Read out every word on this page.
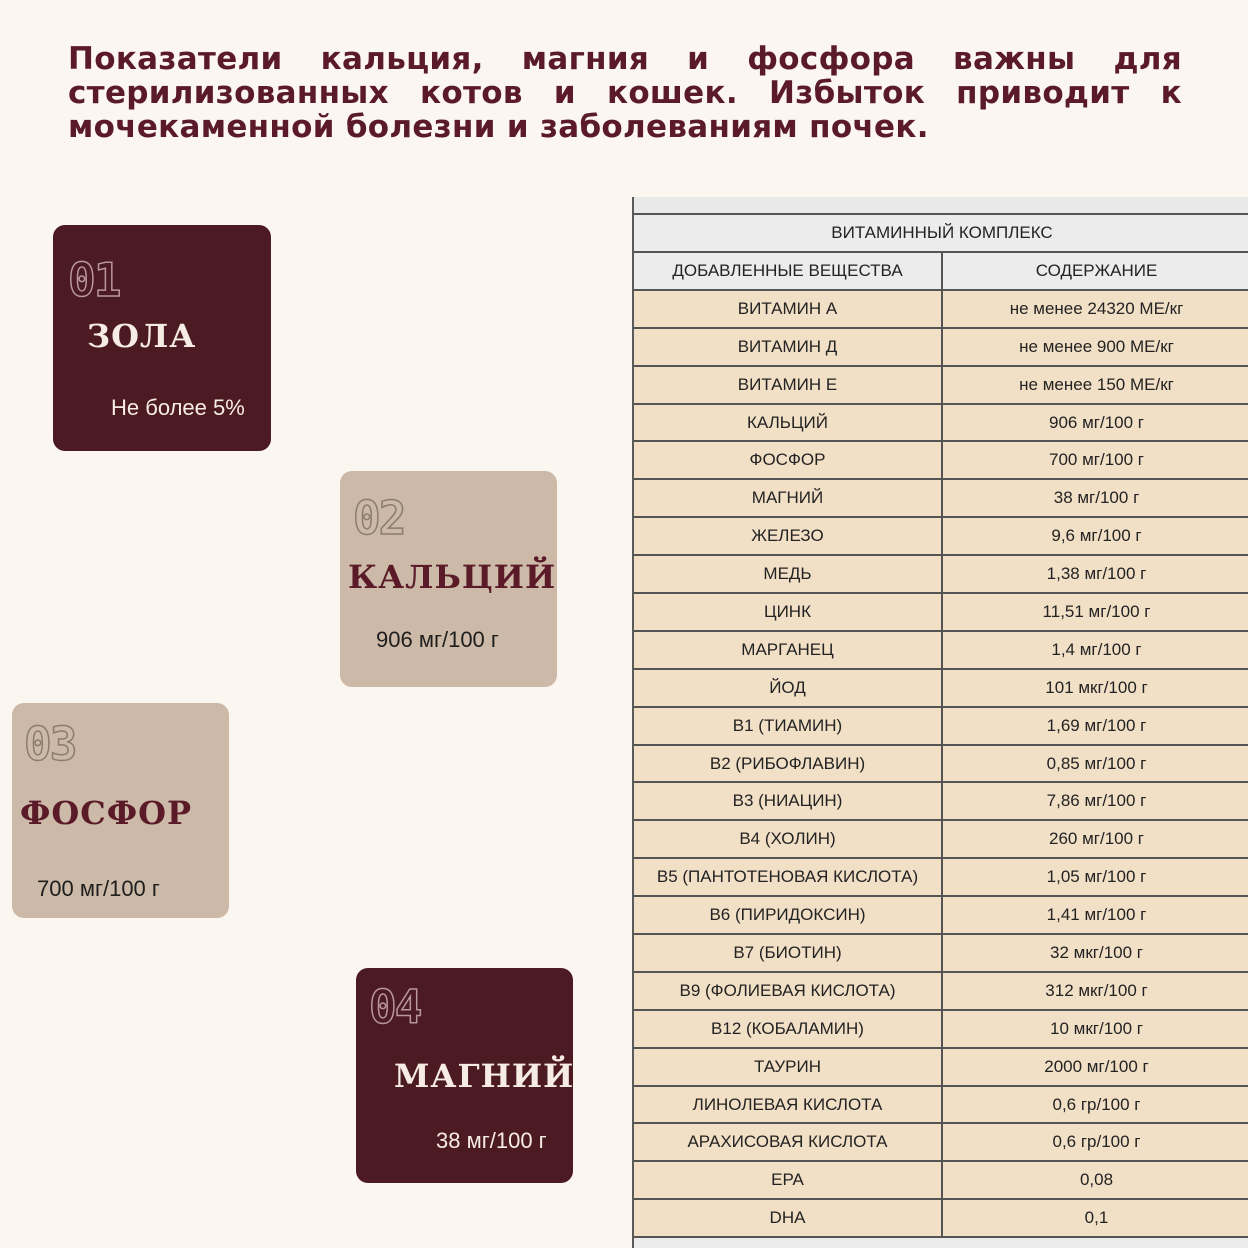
Показатели кальция, магния и фосфора важны для стерилизованных котов и кошек. Избыток приводит к мочекаменной болезни и заболеваниям почек.
01
ЗОЛА
Не более 5%
02
КАЛЬЦИЙ
906 мг/100 г
03
ФОСФОР
700 мг/100 г
04
МАГНИЙ
38 мг/100 г
ВИТАМИННЫЙ КОМПЛЕКС	
ДОБАВЛЕННЫЕ ВЕЩЕСТВА	СОДЕРЖАНИЕ
ВИТАМИН А	не менее 24320 МЕ/кг
ВИТАМИН Д	не менее 900 МЕ/кг
ВИТАМИН Е	не менее 150 МЕ/кг
КАЛЬЦИЙ	906 мг/100 г
ФОСФОР	700 мг/100 г
МАГНИЙ	38 мг/100 г
ЖЕЛЕЗО	9,6 мг/100 г
МЕДЬ	1,38 мг/100 г
ЦИНК	11,51 мг/100 г
МАРГАНЕЦ	1,4 мг/100 г
ЙОД	101 мкг/100 г
В1 (ТИАМИН)	1,69 мг/100 г
В2 (РИБОФЛАВИН)	0,85 мг/100 г
В3 (НИАЦИН)	7,86 мг/100 г
В4 (ХОЛИН)	260 мг/100 г
В5 (ПАНТОТЕНОВАЯ КИСЛОТА)	1,05 мг/100 г
В6 (ПИРИДОКСИН)	1,41 мг/100 г
В7 (БИОТИН)	32 мкг/100 г
В9 (ФОЛИЕВАЯ КИСЛОТА)	312 мкг/100 г
В12 (КОБАЛАМИН)	10 мкг/100 г
ТАУРИН	2000 мг/100 г
ЛИНОЛЕВАЯ КИСЛОТА	0,6 гр/100 г
АРАХИСОВАЯ КИСЛОТА	0,6 гр/100 г
EPA	0,08
DHA	0,1
